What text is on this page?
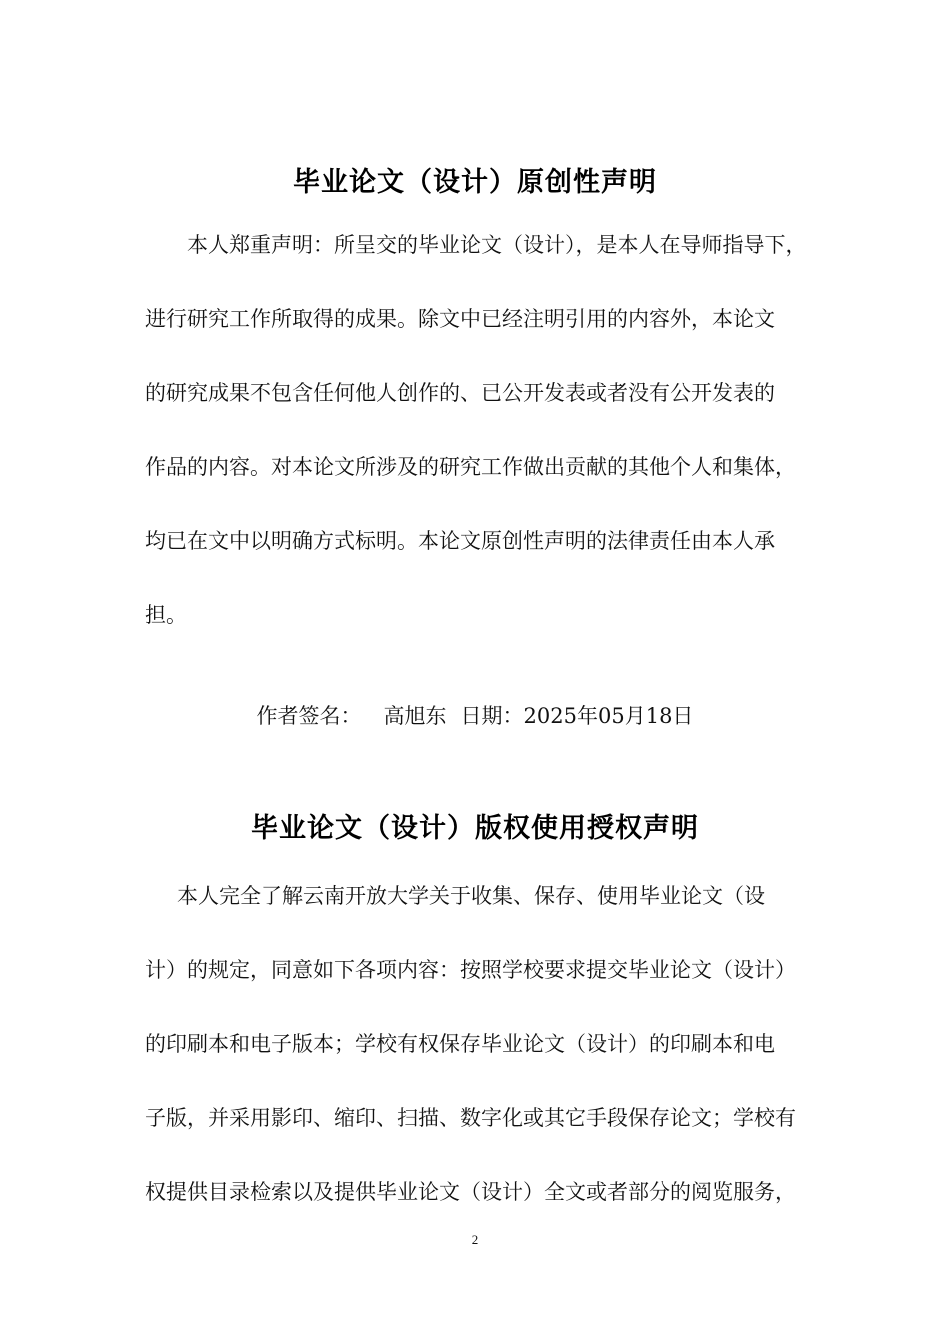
毕业论文（设计）原创性声明
本人郑重声明：所呈交的毕业论文（设计），是本人在导师指导下，
进行研究工作所取得的成果。除文中已经注明引用的内容外，本论文
的研究成果不包含任何他人创作的、已公开发表或者没有公开发表的
作品的内容。对本论文所涉及的研究工作做出贡献的其他个人和集体，
均已在文中以明确方式标明。本论文原创性声明的法律责任由本人承
担。
作者签名： 高旭东 日期：2025年05月18日
毕业论文（设计）版权使用授权声明
本人完全了解云南开放大学关于收集、保存、使用毕业论文（设
计）的规定，同意如下各项内容：按照学校要求提交毕业论文（设计）
的印刷本和电子版本；学校有权保存毕业论文（设计）的印刷本和电
子版，并采用影印、缩印、扫描、数字化或其它手段保存论文；学校有
权提供目录检索以及提供毕业论文（设计）全文或者部分的阅览服务，
2
